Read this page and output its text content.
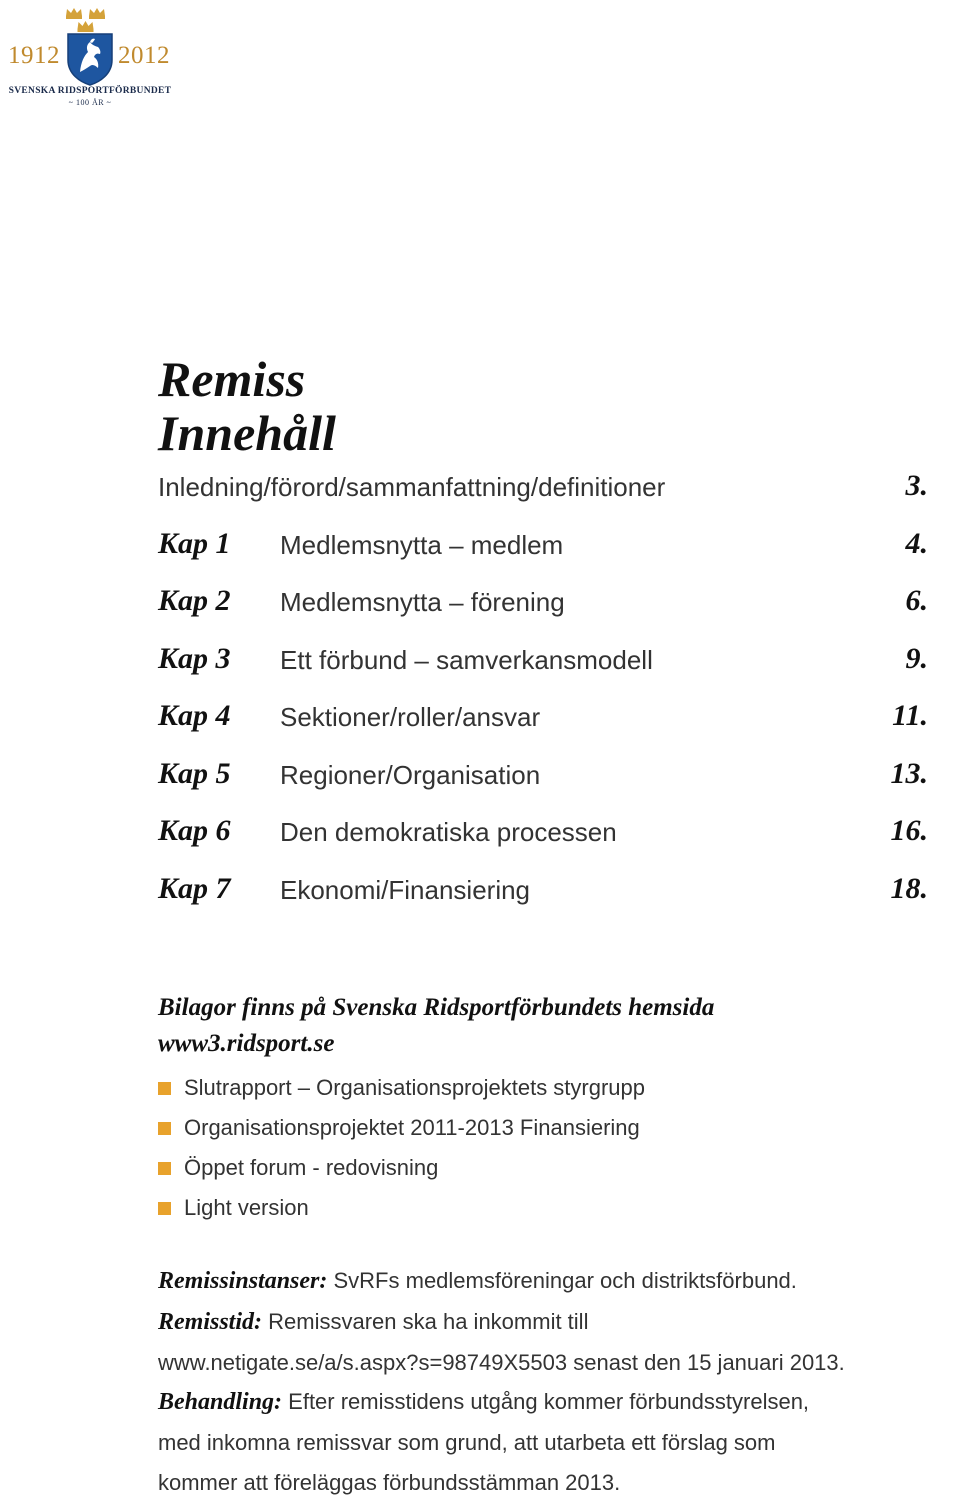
1912 2012
SVENSKA RIDSPORTFÖRBUNDET
~ 100 ÅR ~
Remiss
Innehåll
Inledning/förord/sammanfattning/definitioner	3.
Kap 1 Medlemsnytta – medlem	4.
Kap 2 Medlemsnytta – förening	6.
Kap 3 Ett förbund – samverkansmodell	9.
Kap 4 Sektioner/roller/ansvar	11.
Kap 5 Regioner/Organisation	13.
Kap 6 Den demokratiska processen	16.
Kap 7 Ekonomi/Finansiering	18.
Bilagor finns på Svenska Ridsportförbundets hemsida
www3.ridsport.se
Slutrapport – Organisationsprojektets styrgrupp
Organisationsprojektet 2011-2013 Finansiering
Öppet forum - redovisning
Light version

Remissinstanser: SvRFs medlemsföreningar och distriktsförbund.

Remisstid: Remissvaren ska ha inkommit till
www.netigate.se/a/s.aspx?s=98749X5503 senast den 15 januari 2013.

Behandling: Efter remisstidens utgång kommer förbundsstyrelsen,
med inkomna remissvar som grund, att utarbeta ett förslag som
kommer att föreläggas förbundsstämman 2013.
